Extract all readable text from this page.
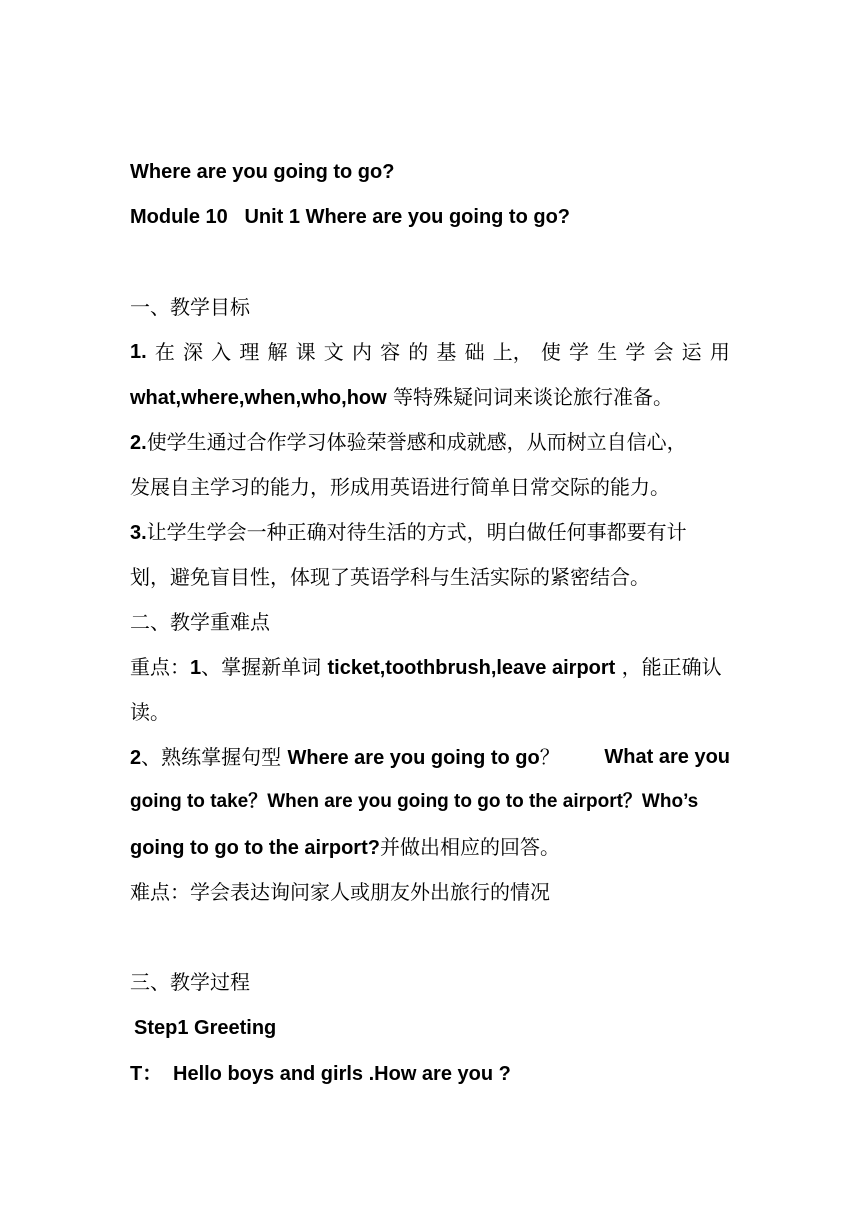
Where are you going to go?
Module 10   Unit 1 Where are you going to go?
一、教学目标
1. 在 深 入 理 解 课 文 内 容 的 基 础 上， 使 学 生 学 会 运 用
what,where,when,who,how 等特殊疑问词来谈论旅行准备。
2.使学生通过合作学习体验荣誉感和成就感，从而树立自信心，
发展自主学习的能力，形成用英语进行简单日常交际的能力。
3.让学生学会一种正确对待生活的方式，明白做任何事都要有计
划，避免盲目性，体现了英语学科与生活实际的紧密结合。
二、教学重难点
重点：1、掌握新单词 ticket,toothbrush,leave airport ，能正确认
读。
2、熟练掌握句型 Where are you going to go？ What are you
going to take？When are you going to go to the airport？Who’s
going to go to the airport?并做出相应的回答。
难点：学会表达询问家人或朋友外出旅行的情况
三、教学过程
Step1 Greeting
T： Hello boys and girls .How are you ?
